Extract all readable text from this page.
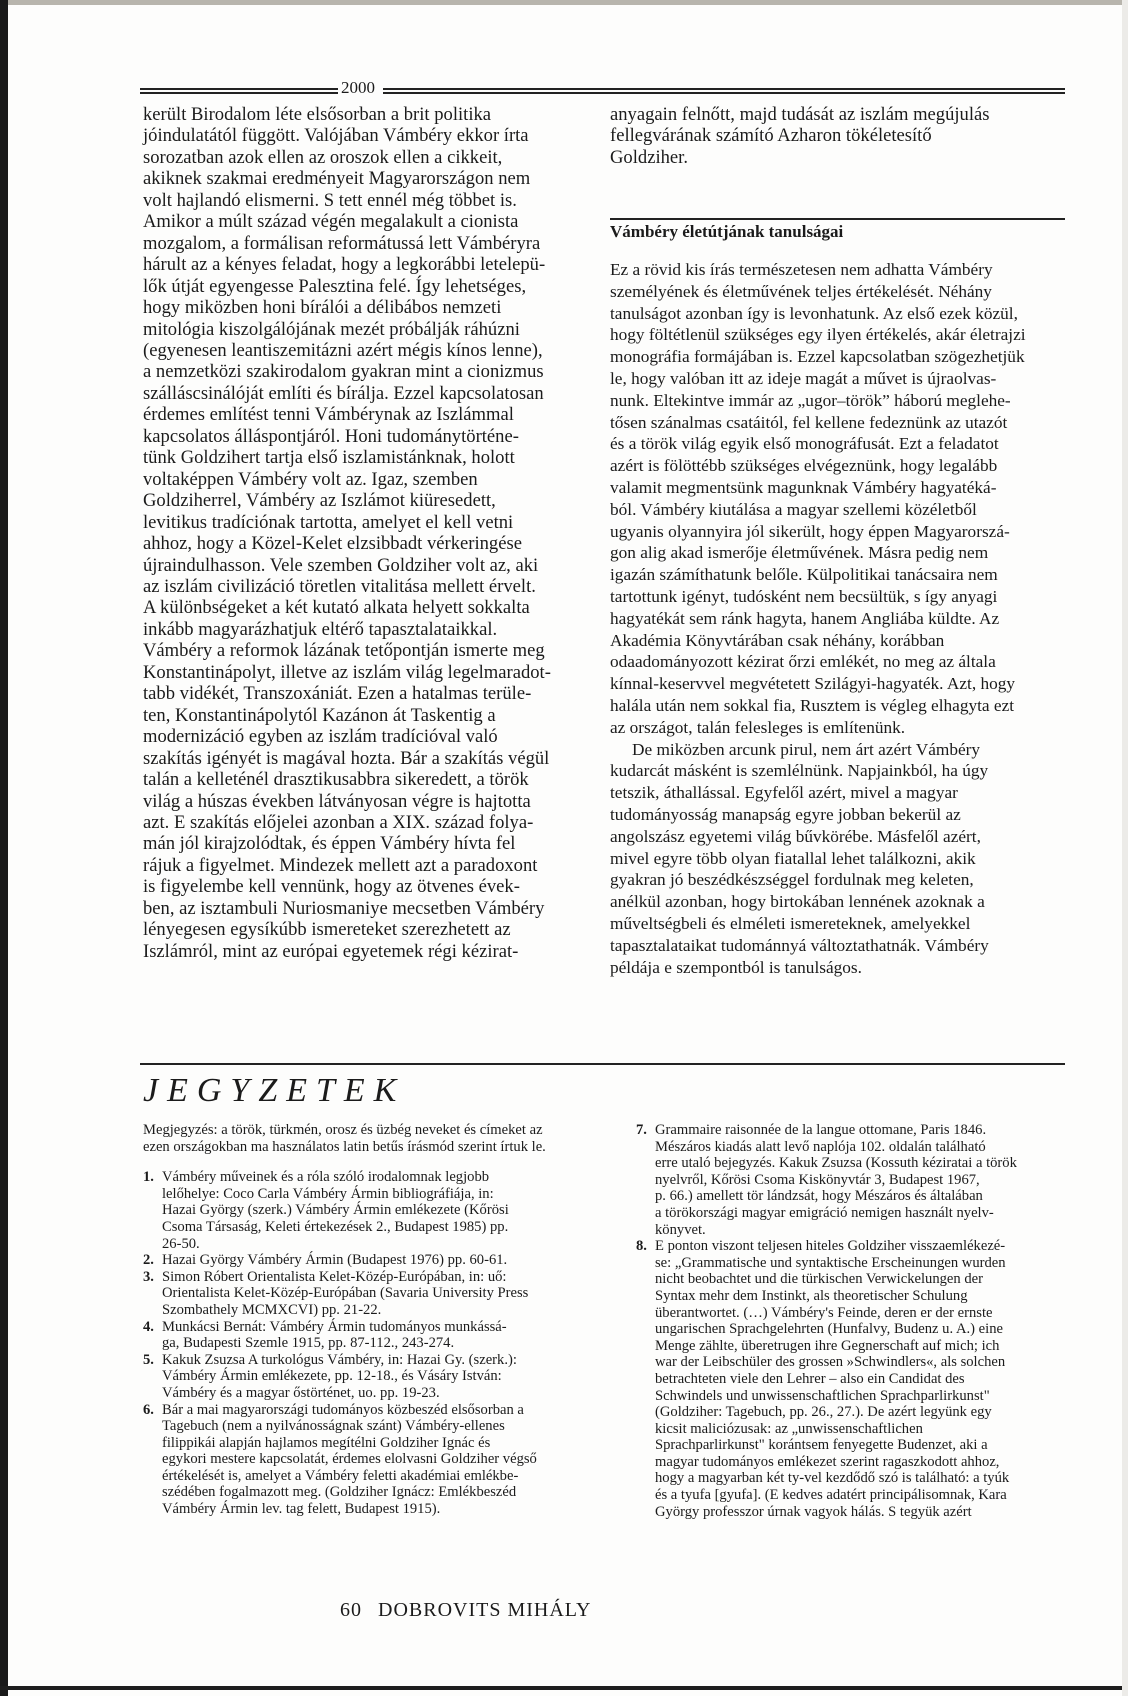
2000
került Birodalom léte elsősorban a brit politika
jóindulatától függött. Valójában Vámbéry ekkor írta
sorozatban azok ellen az oroszok ellen a cikkeit,
akiknek szakmai eredményeit Magyarországon nem
volt hajlandó elismerni. S tett ennél még többet is.
Amikor a múlt század végén megalakult a cionista
mozgalom, a formálisan reformátussá lett Vámbéryra
hárult az a kényes feladat, hogy a legkorábbi letelepü-
lők útját egyengesse Palesztina felé. Így lehetséges,
hogy miközben honi bírálói a délibábos nemzeti
mitológia kiszolgálójának mezét próbálják ráhúzni
(egyenesen leantiszemitázni azért mégis kínos lenne),
a nemzetközi szakirodalom gyakran mint a cionizmus
szálláscsinálóját említi és bírálja. Ezzel kapcsolatosan
érdemes említést tenni Vámbérynak az Iszlámmal
kapcsolatos álláspontjáról. Honi tudománytörténe-
tünk Goldzihert tartja első iszlamistánknak, holott
voltaképpen Vámbéry volt az. Igaz, szemben
Goldziherrel, Vámbéry az Iszlámot kiüresedett,
levitikus tradíciónak tartotta, amelyet el kell vetni
ahhoz, hogy a Közel-Kelet elzsibbadt vérkeringése
újraindulhasson. Vele szemben Goldziher volt az, aki
az iszlám civilizáció töretlen vitalitása mellett érvelt.
A különbségeket a két kutató alkata helyett sokkalta
inkább magyarázhatjuk eltérő tapasztalataikkal.
Vámbéry a reformok lázának tetőpontján ismerte meg
Konstantinápolyt, illetve az iszlám világ legelmaradot-
tabb vidékét, Transzoxániát. Ezen a hatalmas terüle-
ten, Konstantinápolytól Kazánon át Taskentig a
modernizáció egyben az iszlám tradícióval való
szakítás igényét is magával hozta. Bár a szakítás végül
talán a kelleténél drasztikusabbra sikeredett, a török
világ a húszas években látványosan végre is hajtotta
azt. E szakítás előjelei azonban a XIX. század folya-
mán jól kirajzolódtak, és éppen Vámbéry hívta fel
rájuk a figyelmet. Mindezek mellett azt a paradoxont
is figyelembe kell vennünk, hogy az ötvenes évek-
ben, az isztambuli Nuriosmaniye mecsetben Vámbéry
lényegesen egysíkúbb ismereteket szerezhetett az
Iszlámról, mint az európai egyetemek régi kézirat-
anyagain felnőtt, majd tudását az iszlám megújulás
fellegvárának számító Azharon tökéletesítő
Goldziher.
Vámbéry életútjának tanulságai
Ez a rövid kis írás természetesen nem adhatta Vámbéry
személyének és életművének teljes értékelését. Néhány
tanulságot azonban így is levonhatunk. Az első ezek közül,
hogy föltétlenül szükséges egy ilyen értékelés, akár életrajzi
monográfia formájában is. Ezzel kapcsolatban szögezhetjük
le, hogy valóban itt az ideje magát a művet is újraolvas-
nunk. Eltekintve immár az „ugor–török” háború meglehe-
tősen szánalmas csatáitól, fel kellene fedeznünk az utazót
és a török világ egyik első monográfusát. Ezt a feladatot
azért is fölöttébb szükséges elvégeznünk, hogy legalább
valamit megmentsünk magunknak Vámbéry hagyatéká-
ból. Vámbéry kiutálása a magyar szellemi közéletből
ugyanis olyannyira jól sikerült, hogy éppen Magyarorszá-
gon alig akad ismerője életművének. Másra pedig nem
igazán számíthatunk belőle. Külpolitikai tanácsaira nem
tartottunk igényt, tudósként nem becsültük, s így anyagi
hagyatékát sem ránk hagyta, hanem Angliába küldte. Az
Akadémia Könyvtárában csak néhány, korábban
odaadományozott kézirat őrzi emlékét, no meg az általa
kínnal-keservvel megvétetett Szilágyi-hagyaték. Azt, hogy
halála után nem sokkal fia, Rusztem is végleg elhagyta ezt
az országot, talán felesleges is említenünk.
De miközben arcunk pirul, nem árt azért Vámbéry
kudarcát másként is szemlélnünk. Napjainkból, ha úgy
tetszik, áthallással. Egyfelől azért, mivel a magyar
tudományosság manapság egyre jobban bekerül az
angolszász egyetemi világ bűvkörébe. Másfelől azért,
mivel egyre több olyan fiatallal lehet találkozni, akik
gyakran jó beszédkészséggel fordulnak meg keleten,
anélkül azonban, hogy birtokában lennének azoknak a
műveltségbeli és elméleti ismereteknek, amelyekkel
tapasztalataikat tudománnyá változtathatnák. Vámbéry
példája e szempontból is tanulságos.
JEGYZETEK
Megjegyzés: a török, türkmén, orosz és üzbég neveket és címeket az
ezen országokban ma használatos latin betűs írásmód szerint írtuk le.
1. Vámbéry műveinek és a róla szóló irodalomnak legjobb
lelőhelye: Coco Carla Vámbéry Ármin bibliográfiája, in:
Hazai György (szerk.) Vámbéry Ármin emlékezete (Kőrösi
Csoma Társaság, Keleti értekezések 2., Budapest 1985) pp.
26-50.
2. Hazai György Vámbéry Ármin (Budapest 1976) pp. 60-61.
3. Simon Róbert Orientalista Kelet-Közép-Európában, in: uő:
Orientalista Kelet-Közép-Európában (Savaria University Press
Szombathely MCMXCVI) pp. 21-22.
4. Munkácsi Bernát: Vámbéry Ármin tudományos munkássá-
ga, Budapesti Szemle 1915, pp. 87-112., 243-274.
5. Kakuk Zsuzsa A turkológus Vámbéry, in: Hazai Gy. (szerk.):
Vámbéry Ármin emlékezete, pp. 12-18., és Vásáry István:
Vámbéry és a magyar őstörténet, uo. pp. 19-23.
6. Bár a mai magyarországi tudományos közbeszéd elsősorban a
Tagebuch (nem a nyilvánosságnak szánt) Vámbéry-ellenes
filippikái alapján hajlamos megítélni Goldziher Ignác és
egykori mestere kapcsolatát, érdemes elolvasni Goldziher végső
értékelését is, amelyet a Vámbéry feletti akadémiai emlékbe-
szédében fogalmazott meg. (Goldziher Ignácz: Emlékbeszéd
Vámbéry Ármin lev. tag felett, Budapest 1915).
7. Grammaire raisonnée de la langue ottomane, Paris 1846.
Mészáros kiadás alatt levő naplója 102. oldalán található
erre utaló bejegyzés. Kakuk Zsuzsa (Kossuth kéziratai a török
nyelvről, Kőrösi Csoma Kiskönyvtár 3, Budapest 1967,
p. 66.) amellett tör lándzsát, hogy Mészáros és általában
a törökországi magyar emigráció nemigen használt nyelv-
könyvet.
8. E ponton viszont teljesen hiteles Goldziher visszaemlékezé-
se: „Grammatische und syntaktische Erscheinungen wurden
nicht beobachtet und die türkischen Verwickelungen der
Syntax mehr dem Instinkt, als theoretischer Schulung
überantwortet. (…) Vámbéry's Feinde, deren er der ernste
ungarischen Sprachgelehrten (Hunfalvy, Budenz u. A.) eine
Menge zählte, überetrugen ihre Gegnerschaft auf mich; ich
war der Leibschüler des grossen »Schwindlers«, als solchen
betrachteten viele den Lehrer – also ein Candidat des
Schwindels und unwissenschaftlichen Sprachparlirkunst"
(Goldziher: Tagebuch, pp. 26., 27.). De azért legyünk egy
kicsit maliciózusak: az „unwissenschaftlichen
Sprachparlirkunst" korántsem fenyegette Budenzet, aki a
magyar tudományos emlékezet szerint ragaszkodott ahhoz,
hogy a magyarban két ty-vel kezdődő szó is található: a tyúk
és a tyufa [gyufa]. (E kedves adatért principálisomnak, Kara
György professzor úrnak vagyok hálás. S tegyük azért
60 DOBROVITS MIHÁLY
